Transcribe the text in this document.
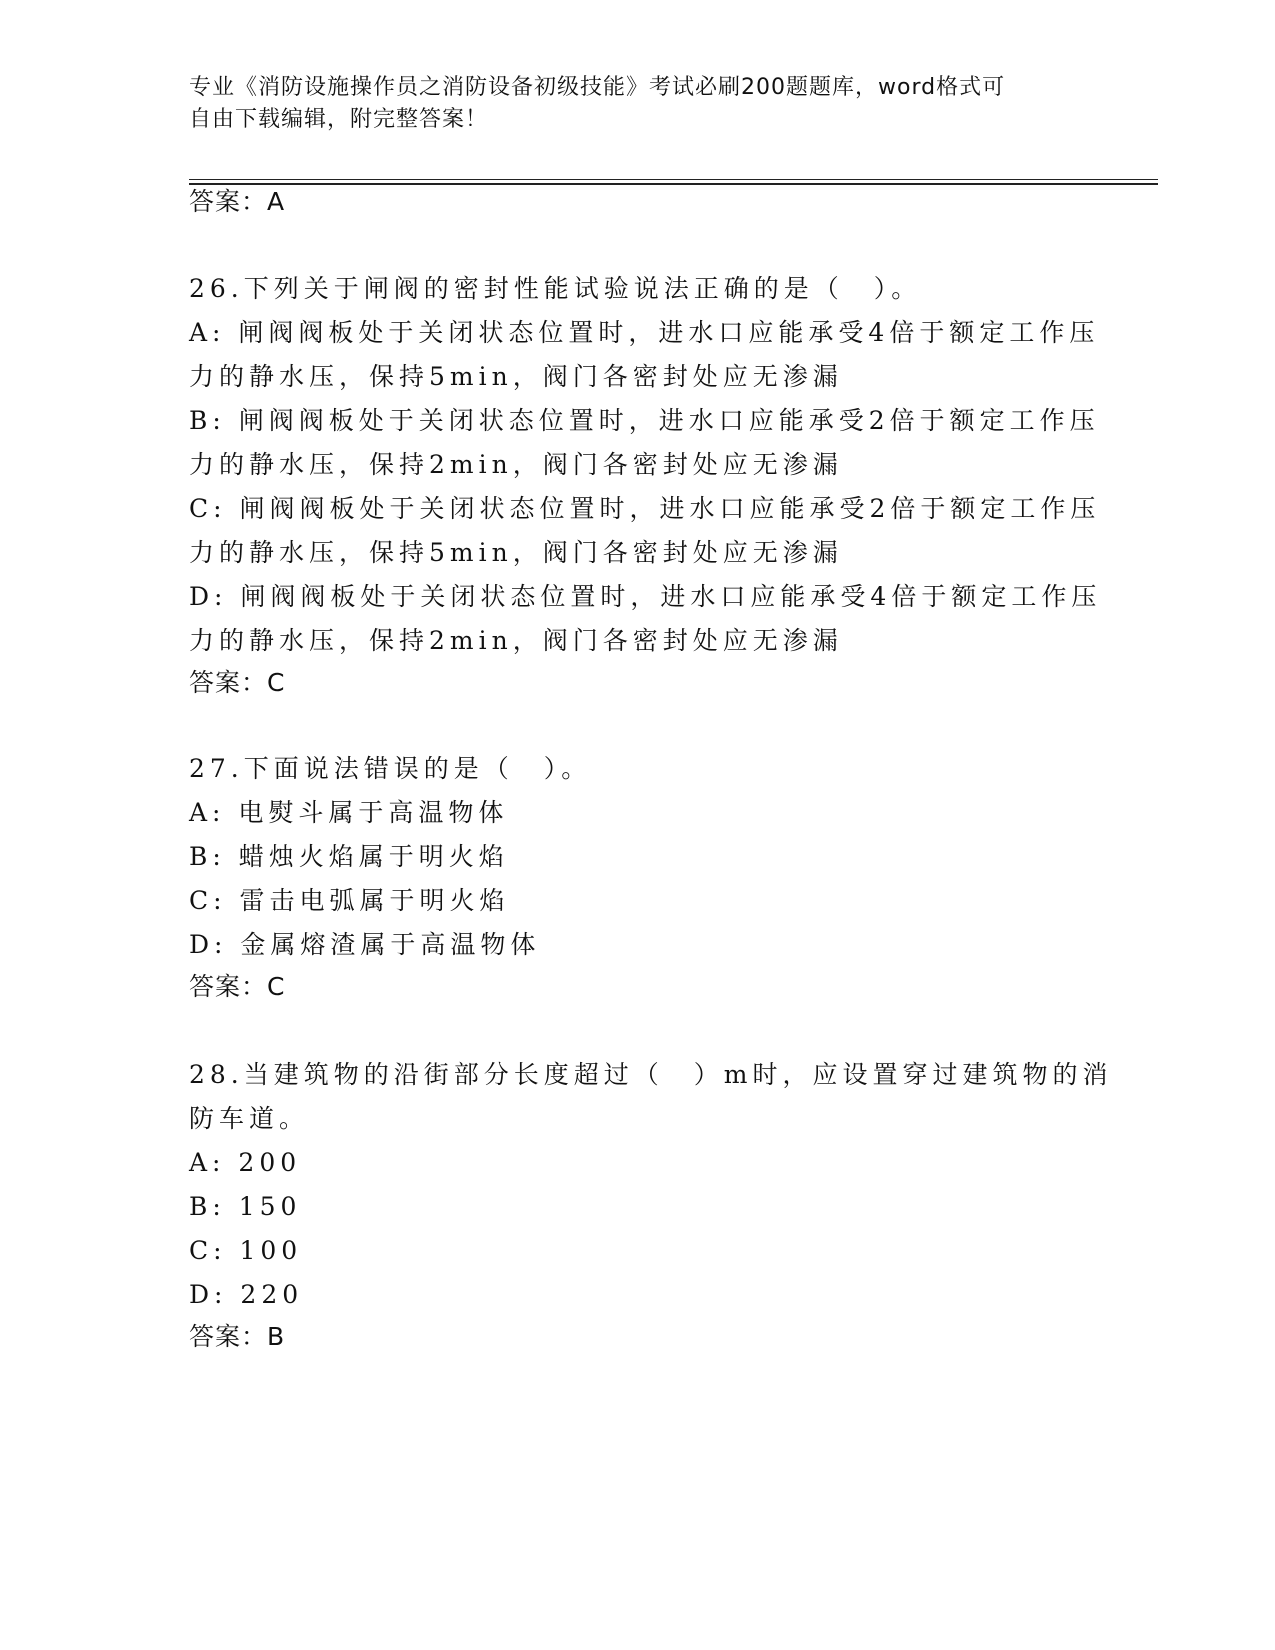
专业《消防设施操作员之消防设备初级技能》考试必刷200题题库，word格式可
自由下载编辑，附完整答案！
答案：A
26.下列关于闸阀的密封性能试验说法正确的是（　）。
A: 闸阀阀板处于关闭状态位置时，进水口应能承受4倍于额定工作压
力的静水压，保持5min，阀门各密封处应无渗漏
B: 闸阀阀板处于关闭状态位置时，进水口应能承受2倍于额定工作压
力的静水压，保持2min，阀门各密封处应无渗漏
C: 闸阀阀板处于关闭状态位置时，进水口应能承受2倍于额定工作压
力的静水压，保持5min，阀门各密封处应无渗漏
D: 闸阀阀板处于关闭状态位置时，进水口应能承受4倍于额定工作压
力的静水压，保持2min，阀门各密封处应无渗漏
答案：C
27.下面说法错误的是（　）。
A: 电熨斗属于高温物体
B: 蜡烛火焰属于明火焰
C: 雷击电弧属于明火焰
D: 金属熔渣属于高温物体
答案：C
28.当建筑物的沿街部分长度超过（　）m时，应设置穿过建筑物的消
防车道。
A: 200
B: 150
C: 100
D: 220
答案：B
